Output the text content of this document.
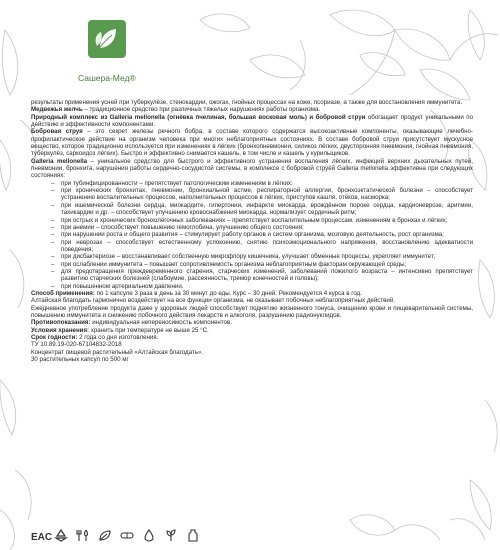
Сашера-Мед®

результаты применения усней при туберкулёзе, стенокардии, ожогах, гнойных процессах на коже, псориазе, а также для восстановления иммунитета.

Медвежья желчь – традиционное средство при различных тяжелых нарушениях работы организма.

Природный комплекс из Galleria mellonella (огнёвка пчелиная, большая восковая моль) и бобровой струи обогащает продукт уникальными по действию и эффективности компонентами.

Бобровая струя – это секрет железы речного бобра, в составе которого содержатся высокоактивные компоненты, оказывающие лечебно-профилактическое действие на организм человека при многих неблагоприятных состояниях. В составе бобровой струи присутствует мускусное вещество, которое традиционно используется при изменениях в лёгких (бронхопневмонии, силикоз лёгких, двусторонняя пневмония, гнойная пневмония, туберкулёз, саркоидоз лёгких). Быстро и эффективно снимается кашель, в том числе и кашель у курильщиков.

Galleria mellonella – уникальное средство для быстрого и эффективного устранения воспаления лёгких, инфекций верхних дыхательных путей, пневмонии, бронхита, нарушения работы сердечно-сосудистой системы, в комплексе с бобровой струёй Galleria mellonella эффективна при следующих состояниях:

– при тубинфицированности – препятствует патологическим изменениям в лёгких;
– при хронических бронхитах, пневмонии, бронхиальной астме, респираторной аллергии, бронхоэктатической болезни – способствует устранению воспалительных процессов, наполнительных процессов в лёгких, приступов кашля, отёков, насморка;
– при ишемической болезни сердца, миокардите, гипертонии, инфаркте миокарда, врождённом пороке сердца, кардионеврозе, аритмии, тахикардии и др. – способствует улучшению кровоснабжения миокарда, нормализует сердечный ритм;
– при острых и хронических бронхолёгочных заболеваниях – препятствует воспалительным процессам, изменениям в бронхах и лёгких;
– при анемии – способствует повышению гемоглобина, улучшению общего состояния;
– при нарушении роста и общего развития – стимулирует работу органов и систем организма, мозговую деятельность, рост организма;
– при неврозах – способствует естественному успокоению, снятию психоэмоционального напряжения, восстановлению адекватности поведения;
– при дисбактериозе – восстанавливает собственную микрофлору кишечника, улучшает обменные процессы, укрепляет иммунитет;
– при ослаблении иммунитета – повышает сопротивляемость организма неблагоприятным факторам окружающей среды;
– для предотвращения преждевременного старения, старческих изменений, заболеваний пожилого возраста – интенсивно препятствует развитию старческих болезней (слабоумие, рассеянность, тремор конечностей и головы);
– при повышенном артериальном давлении.

Способ применения: по 1 капсуле 3 раза в день за 30 минут до еды. Курс – 30 дней. Рекомендуется 4 курса в год.

Алтайская благодать гармонично воздействует на все функции организма, не оказывает побочных неблагоприятных действий.

Ежедневное употребление продукта даже у здоровых людей способствует поднятию жизненного тонуса, очищению крови и пищеварительной системы, повышению иммунитета и снижению побочного действия лекарств и алкоголя, разрушению радионуклидов.

Противопоказания: индивидуальная непереносимость компонентов.

Условия хранения: хранить при температуре не выше 25 °С.

Срок годности: 2 года со дня изготовления.

ТУ 10.89.19-020-67104832-2018

Концентрат пищевой растительный «Алтайская благодать».

30 растительных капсул по 500 мг

EAC
